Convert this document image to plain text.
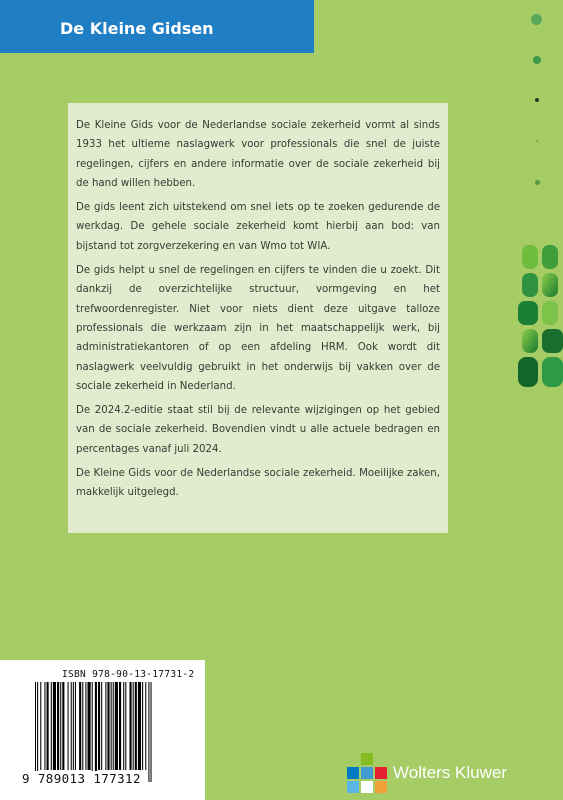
De Kleine Gidsen

De Kleine Gids voor de Nederlandse sociale zekerheid vormt al sinds 1933 het ultieme naslagwerk voor professionals die snel de juiste regelingen, cijfers en andere informatie over de sociale zekerheid bij de hand willen hebben.

De gids leent zich uitstekend om snel iets op te zoeken gedurende de werkdag. De gehele sociale zekerheid komt hierbij aan bod: van bijstand tot zorgverzekering en van Wmo tot WIA.

De gids helpt u snel de regelingen en cijfers te vinden die u zoekt. Dit dankzij de overzichtelijke structuur, vormgeving en het trefwoordenregister. Niet voor niets dient deze uitgave talloze professionals die werkzaam zijn in het maatschappelijk werk, bij administratiekantoren of op een afdeling HRM. Ook wordt dit naslagwerk veelvuldig gebruikt in het onderwijs bij vakken over de sociale zekerheid in Nederland.

De 2024.2-editie staat stil bij de relevante wijzigingen op het gebied van de sociale zekerheid. Bovendien vindt u alle actuele bedragen en percentages vanaf juli 2024.

De Kleine Gids voor de Nederlandse sociale zekerheid. Moeilijke zaken, makkelijk uitgelegd.

ISBN 978-90-13-17731-2
9 789013 177312	Wolters Kluwer
